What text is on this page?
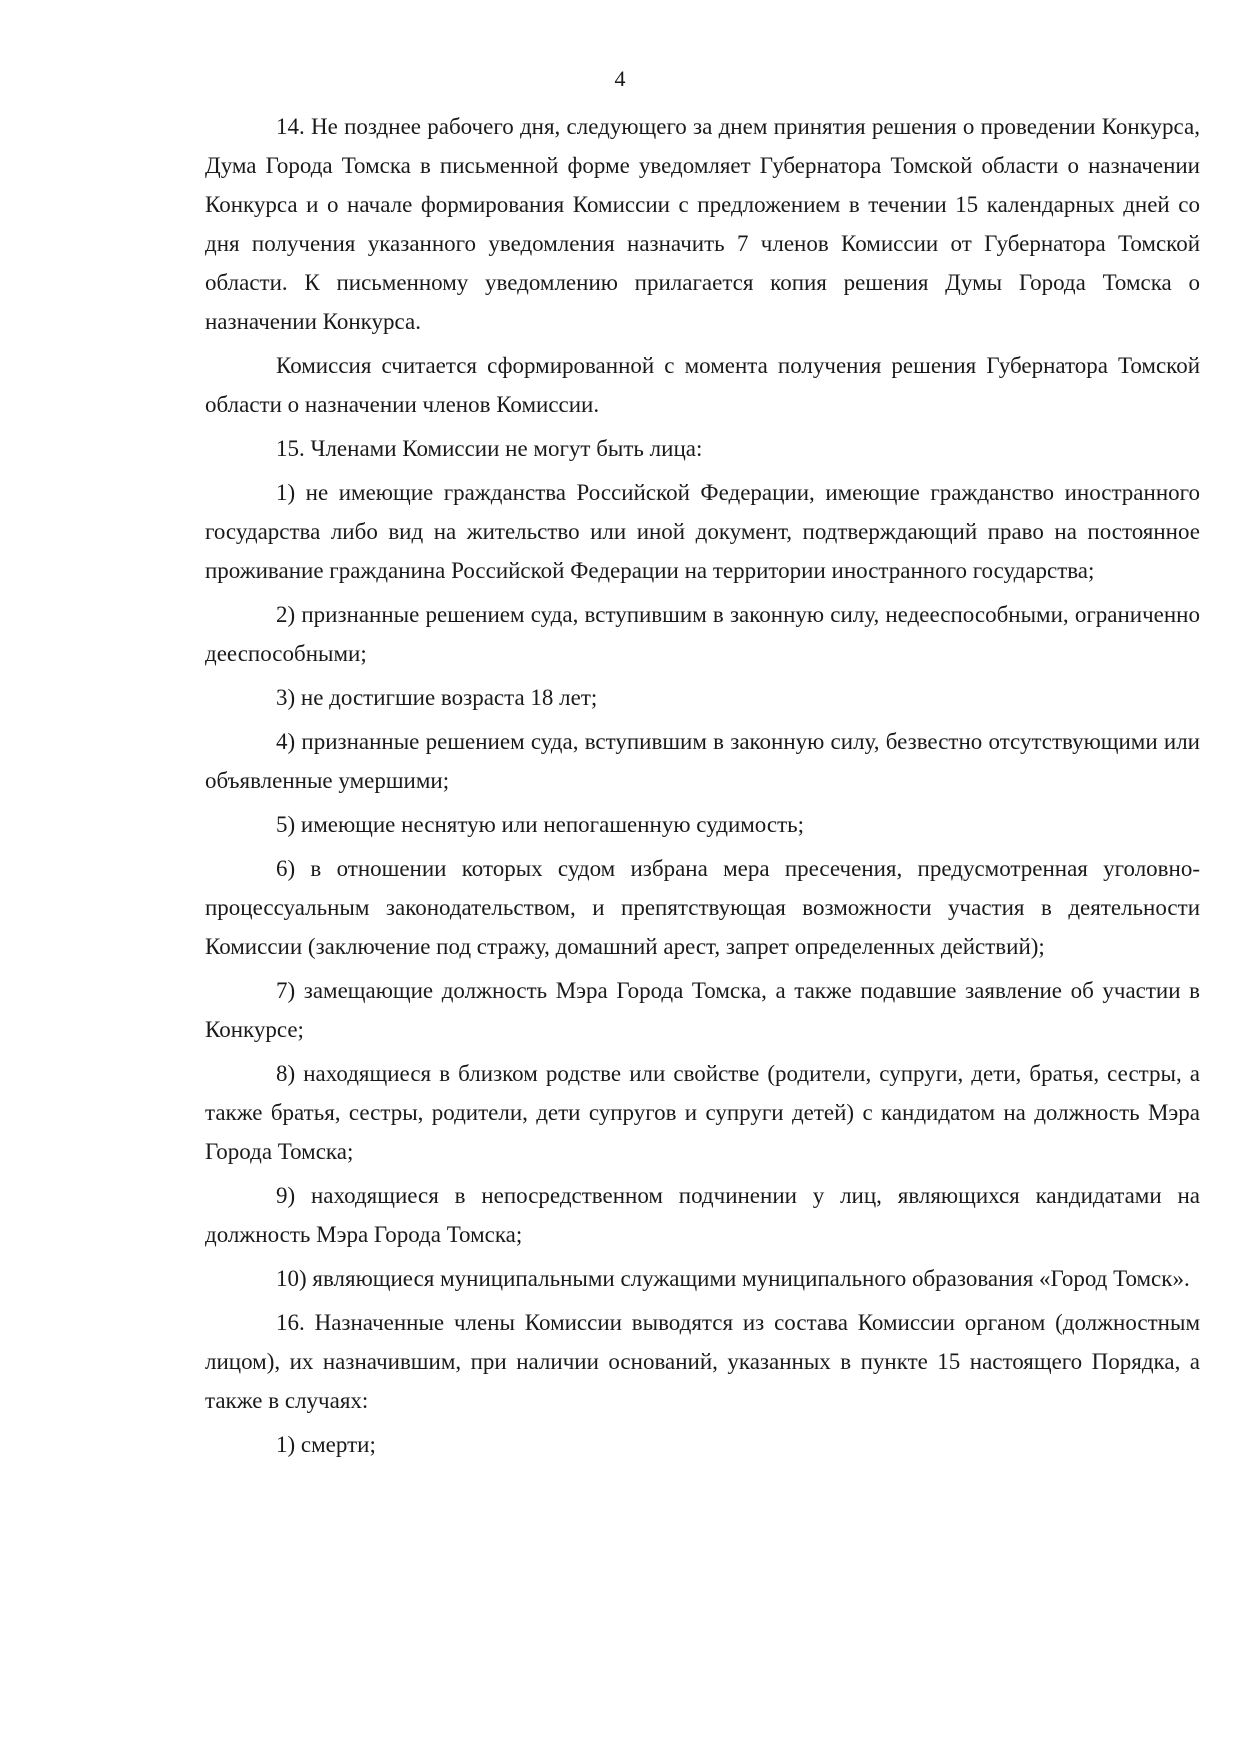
4

14. Не позднее рабочего дня, следующего за днем принятия решения о проведении Конкурса, Дума Города Томска в письменной форме уведомляет Губернатора Томской области о назначении Конкурса и о начале формирования Комиссии с предложением в течении 15 календарных дней со дня получения указанного уведомления назначить 7 членов Комиссии от Губернатора Томской области. К письменному уведомлению прилагается копия решения Думы Города Томска о назначении Конкурса.

Комиссия считается сформированной с момента получения решения Губернатора Томской области о назначении членов Комиссии.

15. Членами Комиссии не могут быть лица:

1) не имеющие гражданства Российской Федерации, имеющие гражданство иностранного государства либо вид на жительство или иной документ, подтверждающий право на постоянное проживание гражданина Российской Федерации на территории иностранного государства;

2) признанные решением суда, вступившим в законную силу, недееспособными, ограниченно дееспособными;

3) не достигшие возраста 18 лет;

4) признанные решением суда, вступившим в законную силу, безвестно отсутствующими или объявленные умершими;

5) имеющие неснятую или непогашенную судимость;

6) в отношении которых судом избрана мера пресечения, предусмотренная уголовно-процессуальным законодательством, и препятствующая возможности участия в деятельности Комиссии (заключение под стражу, домашний арест, запрет определенных действий);

7) замещающие должность Мэра Города Томска, а также подавшие заявление об участии в Конкурсе;

8) находящиеся в близком родстве или свойстве (родители, супруги, дети, братья, сестры, а также братья, сестры, родители, дети супругов и супруги детей) с кандидатом на должность Мэра Города Томска;

9) находящиеся в непосредственном подчинении у лиц, являющихся кандидатами на должность Мэра Города Томска;

10) являющиеся муниципальными служащими муниципального образования «Город Томск».

16. Назначенные члены Комиссии выводятся из состава Комиссии органом (должностным лицом), их назначившим, при наличии оснований, указанных в пункте 15 настоящего Порядка, а также в случаях:

1) смерти;
